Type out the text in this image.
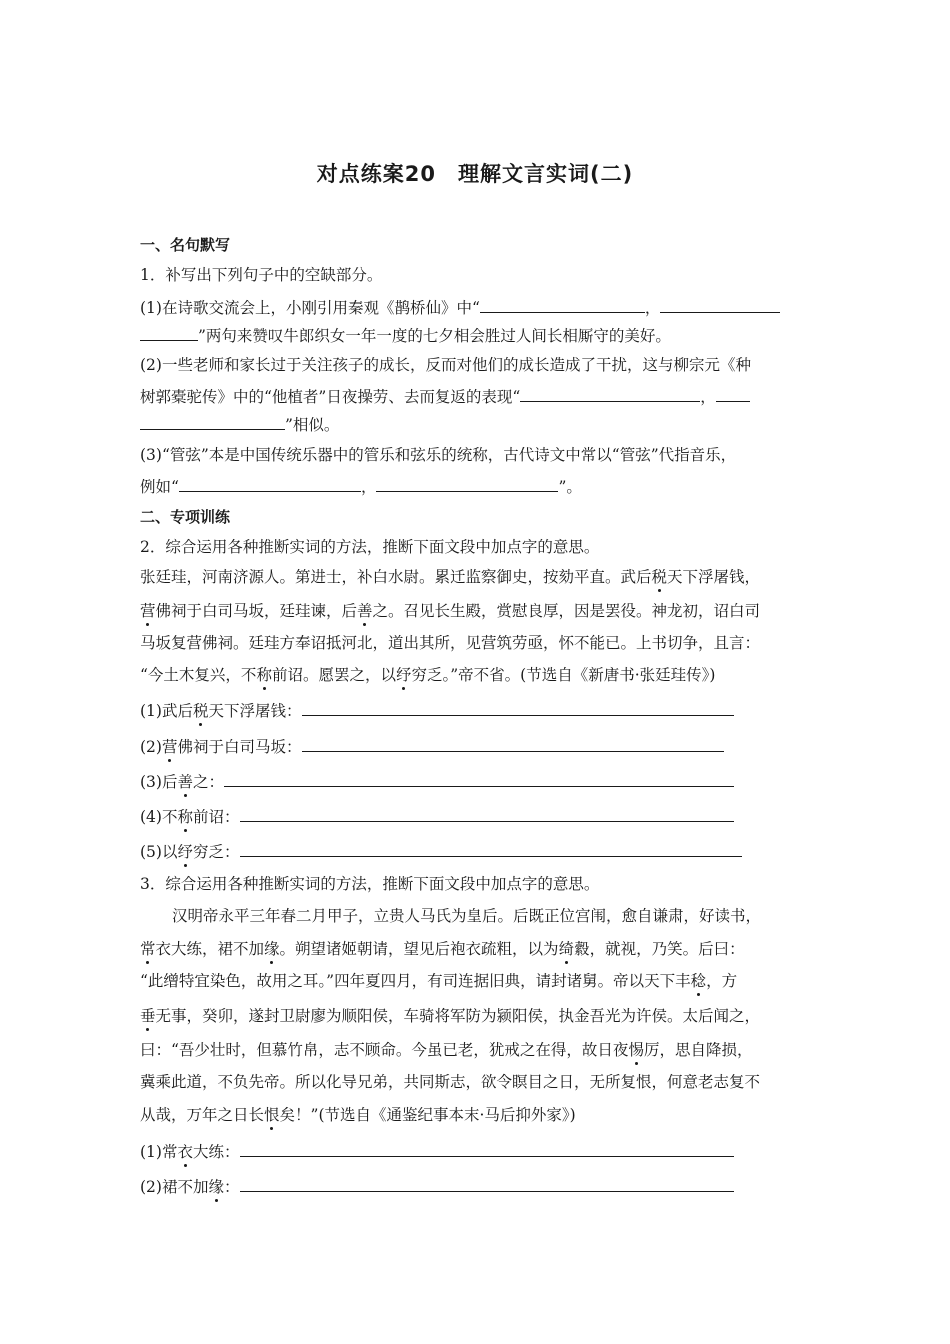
对点练案20　理解文言实词(二)
一、名句默写
1．补写出下列句子中的空缺部分。
(1)在诗歌交流会上，小刚引用秦观《鹊桥仙》中“	，
”两句来赞叹牛郎织女一年一度的七夕相会胜过人间长相厮守的美好。
(2)一些老师和家长过于关注孩子的成长，反而对他们的成长造成了干扰，这与柳宗元《种
树郭橐驼传》中的“他植者”日夜操劳、去而复返的表现“	，
”相似。
(3)“管弦”本是中国传统乐器中的管乐和弦乐的统称，古代诗文中常以“管弦”代指音乐，
例如“	，	”。
二、专项训练
2．综合运用各种推断实词的方法，推断下面文段中加点字的意思。
张廷珪，河南济源人。第进士，补白水尉。累迁监察御史，按劾平直。武后税天下浮屠钱，
营佛祠于白司马坂，廷珪谏，后善之。召见长生殿，赏慰良厚，因是罢役。神龙初，诏白司
马坂复营佛祠。廷珪方奉诏抵河北，道出其所，见营筑劳亟，怀不能已。上书切争，且言：
“今土木复兴，不称前诏。愿罢之，以纾穷乏。”帝不省。(节选自《新唐书·张廷珪传》)
(1)武后税天下浮屠钱：
(2)营佛祠于白司马坂：
(3)后善之：
(4)不称前诏：
(5)以纾穷乏：
3．综合运用各种推断实词的方法，推断下面文段中加点字的意思。
汉明帝永平三年春二月甲子，立贵人马氏为皇后。后既正位宫闱，愈自谦肃，好读书，
常衣大练，裙不加缘。朔望诸姬朝请，望见后袍衣疏粗，以为绮縠，就视，乃笑。后曰：
“此缯特宜染色，故用之耳。”四年夏四月，有司连据旧典，请封诸舅。帝以天下丰稔，方
垂无事，癸卯，遂封卫尉廖为顺阳侯，车骑将军防为颍阳侯，执金吾光为许侯。太后闻之，
曰：“吾少壮时，但慕竹帛，志不顾命。今虽已老，犹戒之在得，故日夜惕厉，思自降损，
冀乘此道，不负先帝。所以化导兄弟，共同斯志，欲令瞑目之日，无所复恨，何意老志复不
从哉，万年之日长恨矣！”(节选自《通鉴纪事本末·马后抑外家》)
(1)常衣大练：
(2)裙不加缘：
